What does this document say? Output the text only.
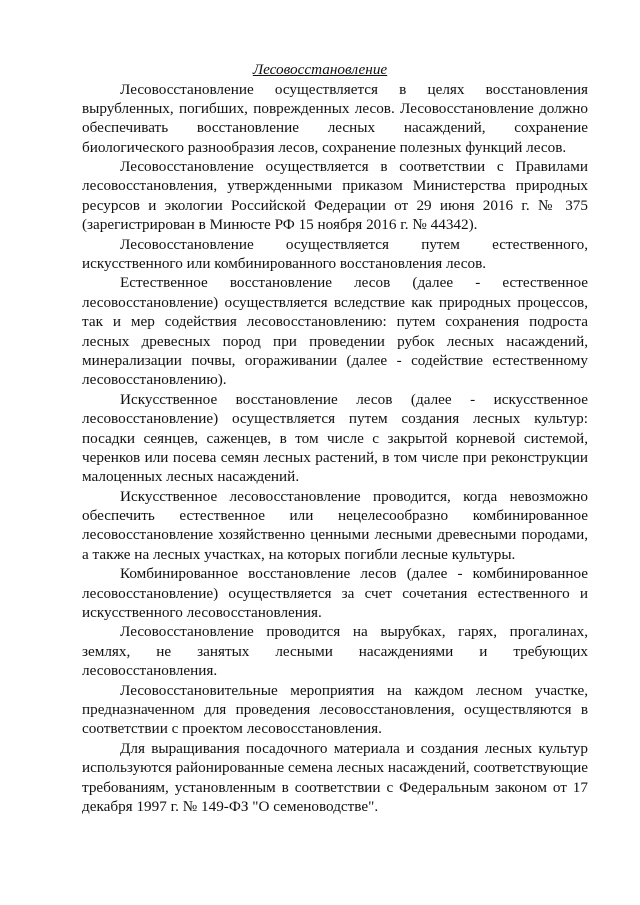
Лесовосстановление
Лесовосстановление осуществляется в целях восстановления
вырубленных, погибших, поврежденных лесов. Лесовосстановление должно
обеспечивать восстановление лесных насаждений, сохранение
биологического разнообразия лесов, сохранение полезных функций лесов.
Лесовосстановление осуществляется в соответствии с Правилами
лесовосстановления, утвержденными приказом Министерства природных
ресурсов и экологии Российской Федерации от 29 июня 2016 г. № 375
(зарегистрирован в Минюсте РФ 15 ноября 2016 г. № 44342).
Лесовосстановление осуществляется путем естественного,
искусственного или комбинированного восстановления лесов.
Естественное восстановление лесов (далее - естественное
лесовосстановление) осуществляется вследствие как природных процессов,
так и мер содействия лесовосстановлению: путем сохранения подроста
лесных древесных пород при проведении рубок лесных насаждений,
минерализации почвы, огораживании (далее - содействие естественному
лесовосстановлению).
Искусственное восстановление лесов (далее - искусственное
лесовосстановление) осуществляется путем создания лесных культур:
посадки сеянцев, саженцев, в том числе с закрытой корневой системой,
черенков или посева семян лесных растений, в том числе при реконструкции
малоценных лесных насаждений.
Искусственное лесовосстановление проводится, когда невозможно
обеспечить естественное или нецелесообразно комбинированное
лесовосстановление хозяйственно ценными лесными древесными породами,
а также на лесных участках, на которых погибли лесные культуры.
Комбинированное восстановление лесов (далее - комбинированное
лесовосстановление) осуществляется за счет сочетания естественного и
искусственного лесовосстановления.
Лесовосстановление проводится на вырубках, гарях, прогалинах,
землях, не занятых лесными насаждениями и требующих
лесовосстановления.
Лесовосстановительные мероприятия на каждом лесном участке,
предназначенном для проведения лесовосстановления, осуществляются в
соответствии с проектом лесовосстановления.
Для выращивания посадочного материала и создания лесных культур
используются районированные семена лесных насаждений, соответствующие
требованиям, установленным в соответствии с Федеральным законом от 17
декабря 1997 г. № 149-ФЗ "О семеноводстве".
